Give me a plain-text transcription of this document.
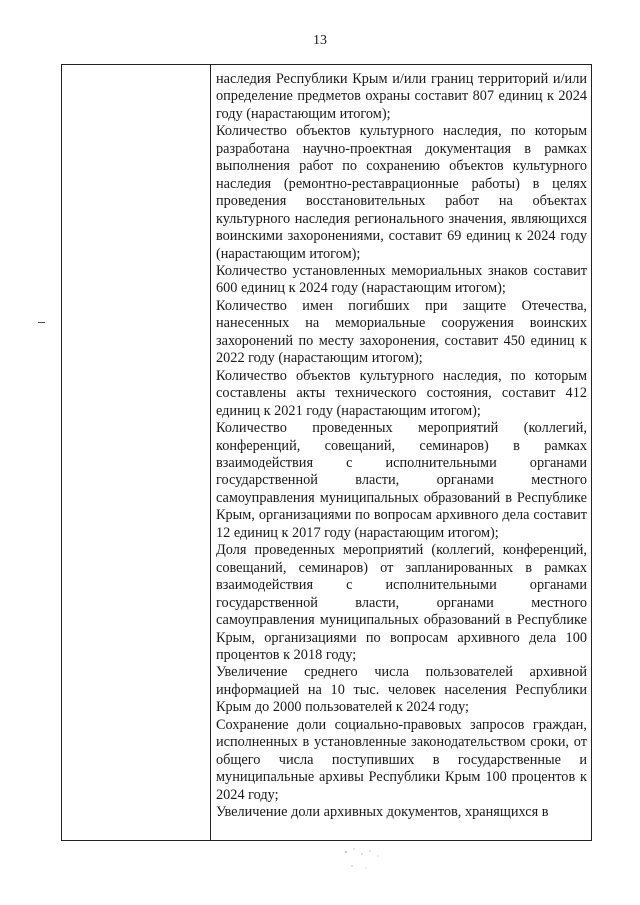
13

наследия Республики Крым и/или границ территорий и/или определение предметов охраны составит 807 единиц к 2024 году (нарастающим итогом);

Количество объектов культурного наследия, по которым разработана научно-проектная документация в рамках выполнения работ по сохранению объектов культурного наследия (ремонтно-реставрационные работы) в целях проведения восстановительных работ на объектах культурного наследия регионального значения, являющихся воинскими захоронениями, составит 69 единиц к 2024 году (нарастающим итогом);

Количество установленных мемориальных знаков составит 600 единиц к 2024 году (нарастающим итогом);

Количество имен погибших при защите Отечества, нанесенных на мемориальные сооружения воинских захоронений по месту захоронения, составит 450 единиц к 2022 году (нарастающим итогом);

Количество объектов культурного наследия, по которым составлены акты технического состояния, составит 412 единиц к 2021 году (нарастающим итогом);

Количество проведенных мероприятий (коллегий, конференций, совещаний, семинаров) в рамках взаимодействия с исполнительными органами государственной власти, органами местного самоуправления муниципальных образований в Республике Крым, организациями по вопросам архивного дела составит 12 единиц к 2017 году (нарастающим итогом);

Доля проведенных мероприятий (коллегий, конференций, совещаний, семинаров) от запланированных в рамках взаимодействия с исполнительными органами государственной власти, органами местного самоуправления муниципальных образований в Республике Крым, организациями по вопросам архивного дела 100 процентов к 2018 году;

Увеличение среднего числа пользователей архивной информацией на 10 тыс. человек населения Республики Крым до 2000 пользователей к 2024 году;

Сохранение доли социально-правовых запросов граждан, исполненных в установленные законодательством сроки, от общего числа поступивших в государственные и муниципальные архивы Республики Крым 100 процентов к 2024 году;

Увеличение доли архивных документов, хранящихся в
